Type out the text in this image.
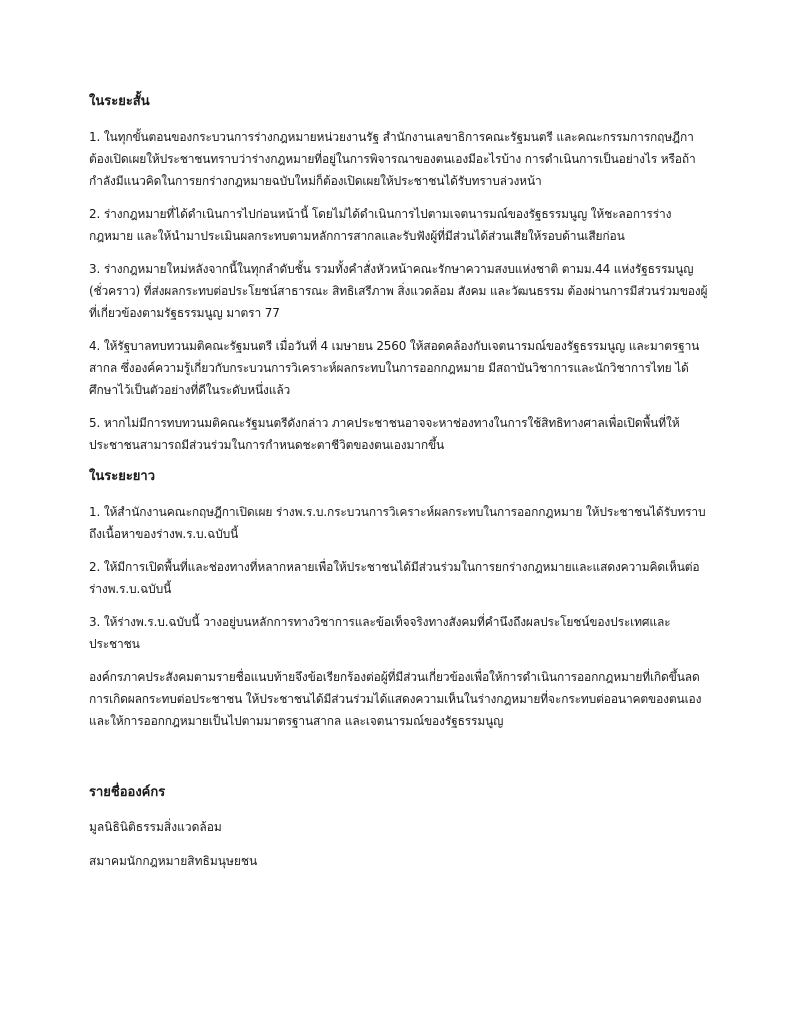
ในระยะสั้น

1. ในทุกขั้นตอนของกระบวนการร่างกฎหมายหน่วยงานรัฐ สำนักงานเลขาธิการคณะรัฐมนตรี และคณะกรรมการกฤษฎีกาต้องเปิดเผยให้ประชาชนทราบว่าร่างกฎหมายที่อยู่ในการพิจารณาของตนเองมีอะไรบ้าง การดำเนินการเป็นอย่างไร หรือถ้ากำลังมีแนวคิดในการยกร่างกฎหมายฉบับใหม่ก็ต้องเปิดเผยให้ประชาชนได้รับทราบล่วงหน้า

2. ร่างกฎหมายที่ได้ดำเนินการไปก่อนหน้านี้ โดยไม่ได้ดำเนินการไปตามเจตนารมณ์ของรัฐธรรมนูญ ให้ชะลอการร่างกฎหมาย และให้นำมาประเมินผลกระทบตามหลักการสากลและรับฟังผู้ที่มีส่วนได้ส่วนเสียให้รอบด้านเสียก่อน

3. ร่างกฎหมายใหม่หลังจากนี้ในทุกลำดับชั้น รวมทั้งคำสั่งหัวหน้าคณะรักษาความสงบแห่งชาติ ตามม.44 แห่งรัฐธรรมนูญ (ชั่วคราว) ที่ส่งผลกระทบต่อประโยชน์สาธารณะ สิทธิเสรีภาพ สิ่งแวดล้อม สังคม และวัฒนธรรม ต้องผ่านการมีส่วนร่วมของผู้ที่เกี่ยวข้องตามรัฐธรรมนูญ มาตรา 77

4. ให้รัฐบาลทบทวนมติคณะรัฐมนตรี เมื่อวันที่ 4 เมษายน 2560 ให้สอดคล้องกับเจตนารมณ์ของรัฐธรรมนูญ และมาตรฐานสากล ซึ่งองค์ความรู้เกี่ยวกับกระบวนการวิเคราะห์ผลกระทบในการออกกฎหมาย มีสถาบันวิชาการและนักวิชาการไทย ได้ศึกษาไว้เป็นตัวอย่างที่ดีในระดับหนึ่งแล้ว

5. หากไม่มีการทบทวนมติคณะรัฐมนตรีดังกล่าว ภาคประชาชนอาจจะหาช่องทางในการใช้สิทธิทางศาลเพื่อเปิดพื้นที่ให้ประชาชนสามารถมีส่วนร่วมในการกำหนดชะตาชีวิตของตนเองมากขึ้น

ในระยะยาว

1. ให้สำนักงานคณะกฤษฎีกาเปิดเผย ร่างพ.ร.บ.กระบวนการวิเคราะห์ผลกระทบในการออกกฎหมาย ให้ประชาชนได้รับทราบถึงเนื้อหาของร่างพ.ร.บ.ฉบับนี้

2. ให้มีการเปิดพื้นที่และช่องทางที่หลากหลายเพื่อให้ประชาชนได้มีส่วนร่วมในการยกร่างกฎหมายและแสดงความคิดเห็นต่อร่างพ.ร.บ.ฉบับนี้

3. ให้ร่างพ.ร.บ.ฉบับนี้ วางอยู่บนหลักการทางวิชาการและข้อเท็จจริงทางสังคมที่คำนึงถึงผลประโยชน์ของประเทศและประชาชน

องค์กรภาคประสังคมตามรายชื่อแนบท้ายจึงข้อเรียกร้องต่อผู้ที่มีส่วนเกี่ยวข้องเพื่อให้การดำเนินการออกกฎหมายที่เกิดขึ้นลดการเกิดผลกระทบต่อประชาชน ให้ประชาชนได้มีส่วนร่วมได้แสดงความเห็นในร่างกฎหมายที่จะกระทบต่ออนาคตของตนเอง และให้การออกกฎหมายเป็นไปตามมาตรฐานสากล และเจตนารมณ์ของรัฐธรรมนูญ

รายชื่อองค์กร
มูลนิธินิติธรรมสิ่งแวดล้อม
สมาคมนักกฎหมายสิทธิมนุษยชน
